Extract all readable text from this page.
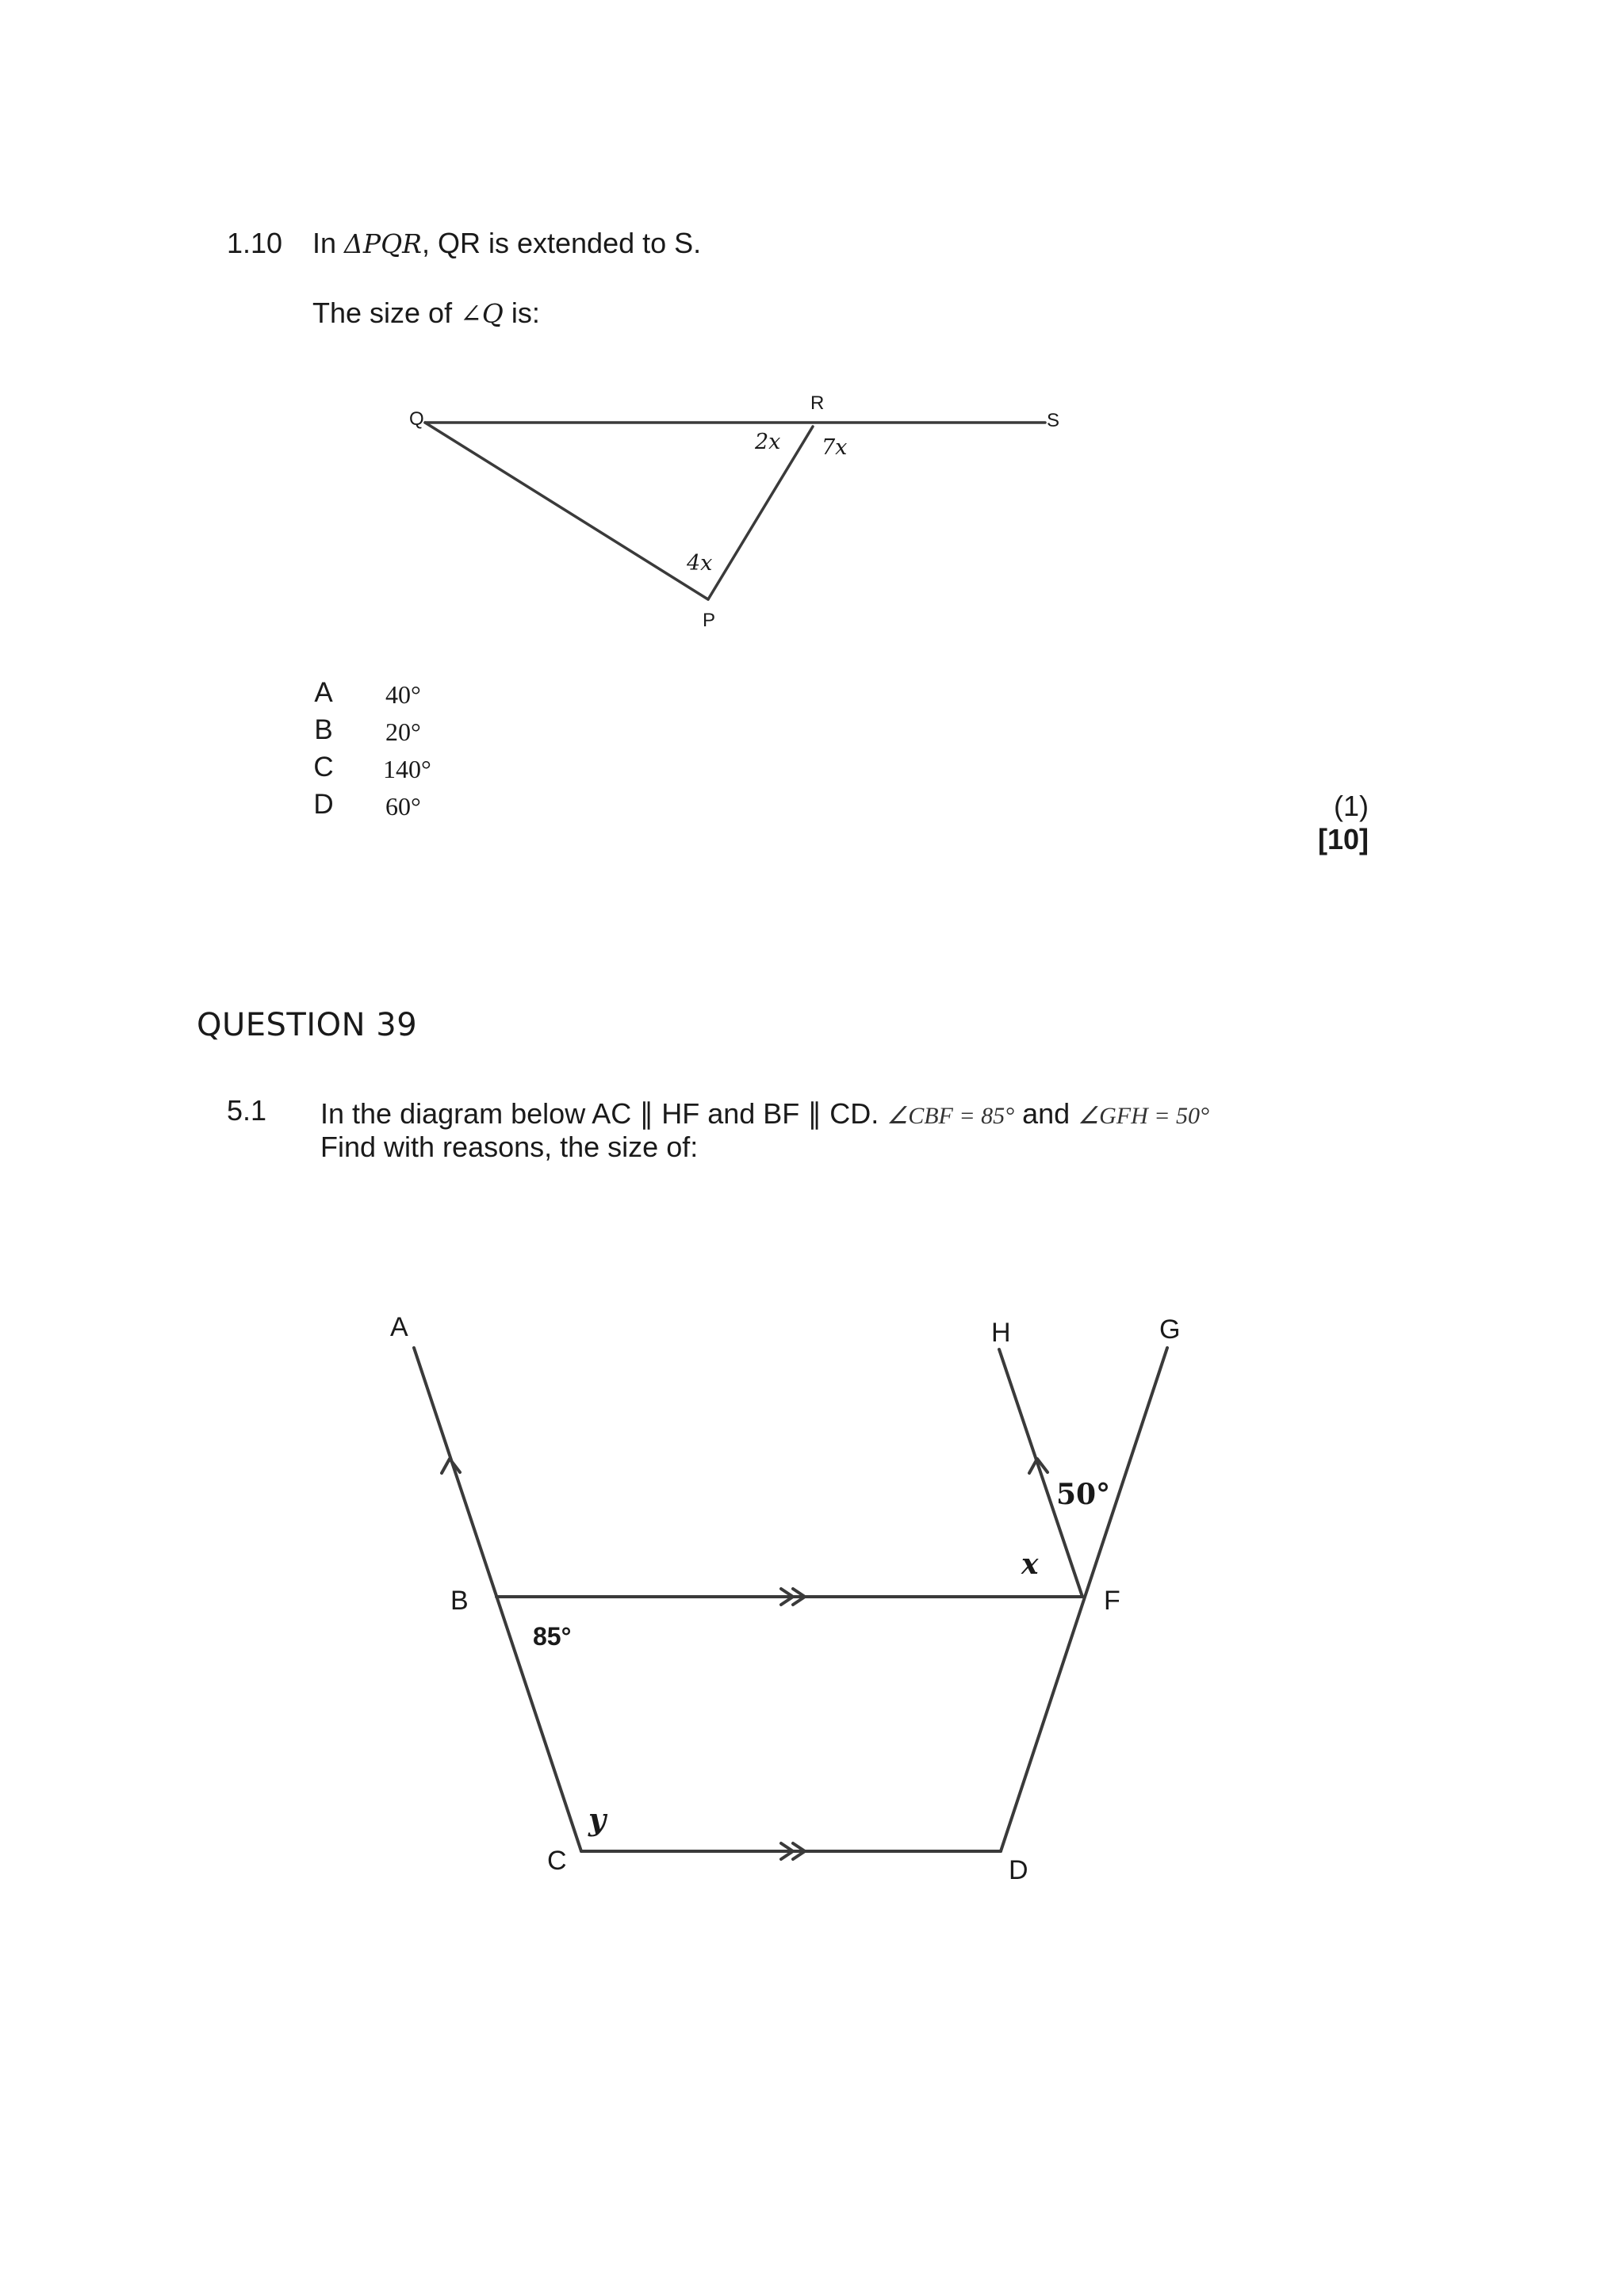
1.10 In ΔPQR, QR is extended to S.
The size of ∠Q is:
Q
R
S
P
2x 7x
4x
A 40°
B 20°
C 140°
D 60°	(1)
[10]
QUESTION 39
5.1 In the diagram below AC ∥ HF and BF ∥ CD. ∠CBF = 85° and ∠GFH = 50°
Find with reasons, the size of:
A
B
C	D
F
G
H
85°
50°
x
y
